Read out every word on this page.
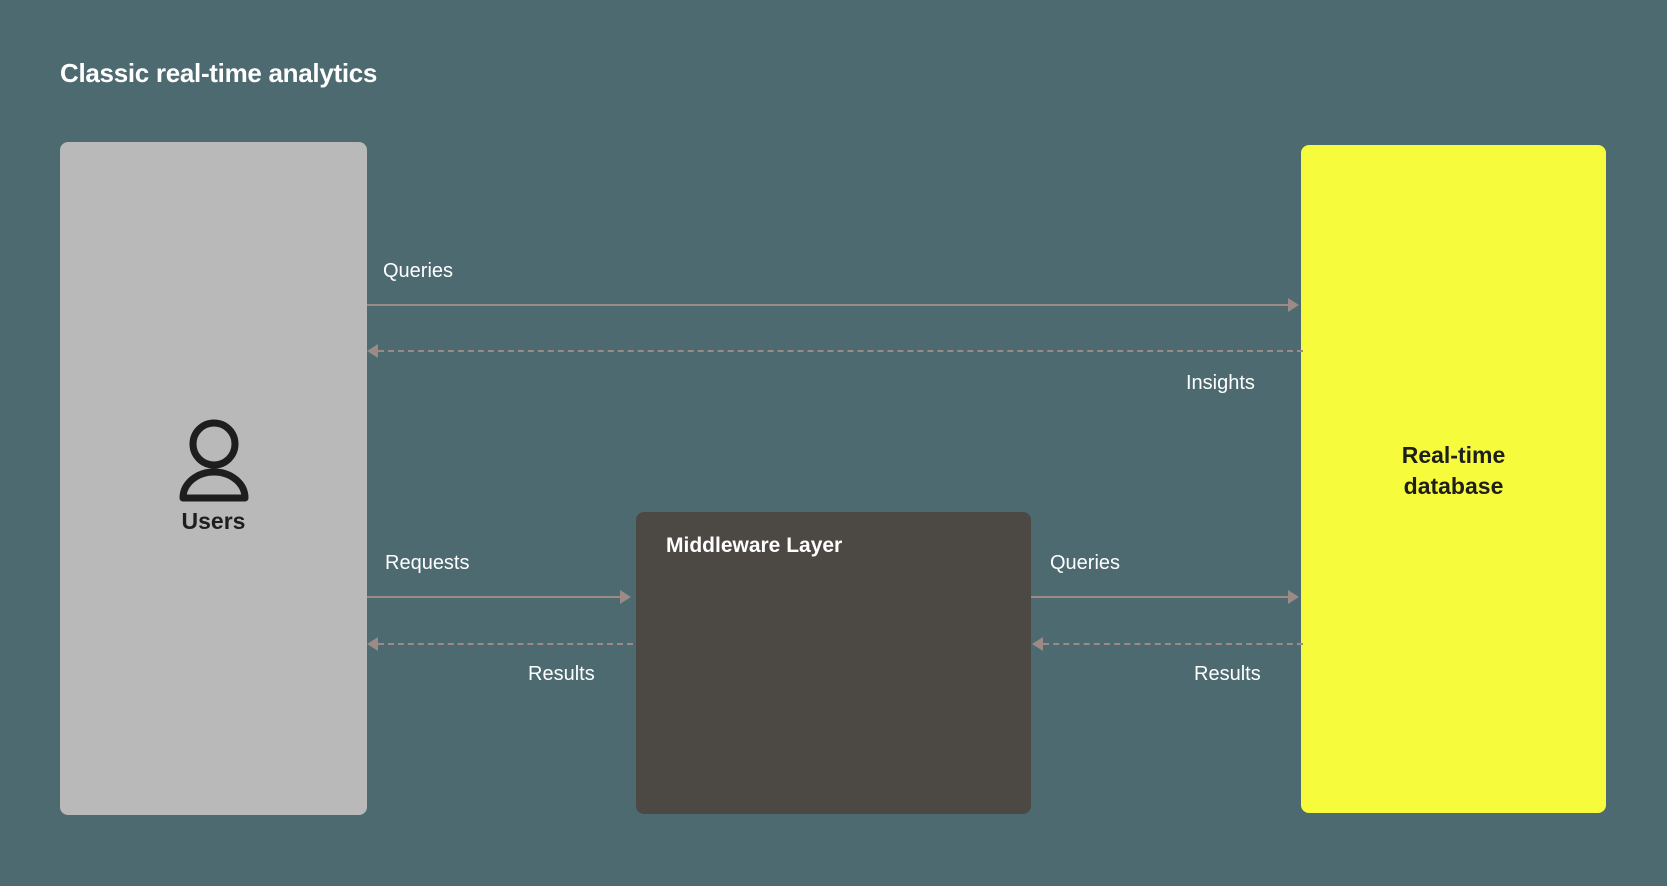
Classic real-time analytics
Users
Middleware Layer
Real-time
database
Queries
Insights
Requests
Results
Queries
Results
